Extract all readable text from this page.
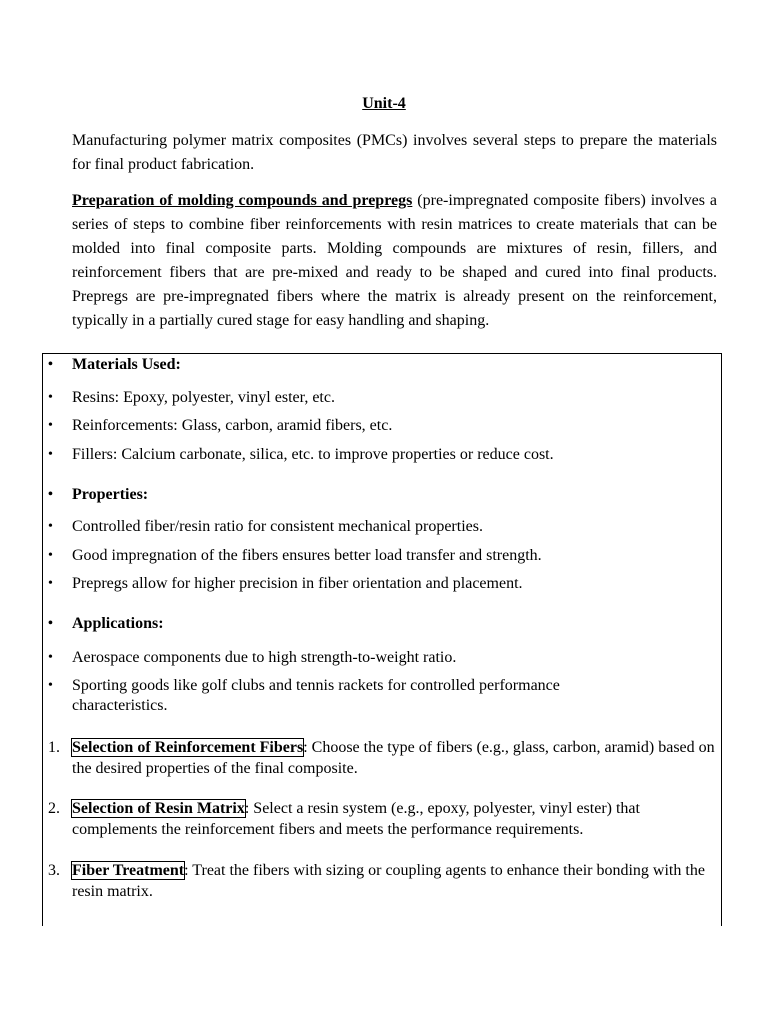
Unit-4

Manufacturing polymer matrix composites (PMCs) involves several steps to prepare the materials for final product fabrication.

Preparation of molding compounds and prepregs (pre-impregnated composite fibers) involves a series of steps to combine fiber reinforcements with resin matrices to create materials that can be molded into final composite parts. Molding compounds are mixtures of resin, fillers, and reinforcement fibers that are pre-mixed and ready to be shaped and cured into final products. Prepregs are pre-impregnated fibers where the matrix is already present on the reinforcement, typically in a partially cured stage for easy handling and shaping.

• Materials Used:
• Resins: Epoxy, polyester, vinyl ester, etc.
• Reinforcements: Glass, carbon, aramid fibers, etc.
• Fillers: Calcium carbonate, silica, etc. to improve properties or reduce cost.
• Properties:
• Controlled fiber/resin ratio for consistent mechanical properties.
• Good impregnation of the fibers ensures better load transfer and strength.
• Prepregs allow for higher precision in fiber orientation and placement.
• Applications:
• Aerospace components due to high strength-to-weight ratio.
• Sporting goods like golf clubs and tennis rackets for controlled performance characteristics.
1. Selection of Reinforcement Fibers: Choose the type of fibers (e.g., glass, carbon, aramid) based on the desired properties of the final composite.
2. Selection of Resin Matrix: Select a resin system (e.g., epoxy, polyester, vinyl ester) that complements the reinforcement fibers and meets the performance requirements.
3. Fiber Treatment: Treat the fibers with sizing or coupling agents to enhance their bonding with the resin matrix.
